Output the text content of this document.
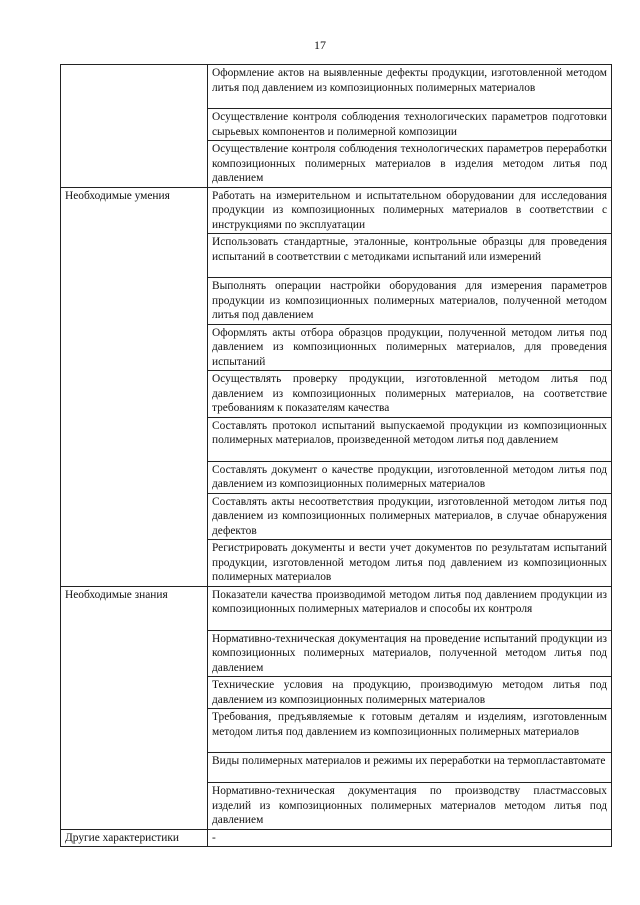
17
	Оформление актов на выявленные дефекты продукции, изготовленной методом литья под давлением из композиционных полимерных материалов
	Осуществление контроля соблюдения технологических параметров подготовки сырьевых компонентов и полимерной композиции
	Осуществление контроля соблюдения технологических параметров переработки композиционных полимерных материалов в изделия методом литья под давлением
Необходимые умения	Работать на измерительном и испытательном оборудовании для исследования продукции из композиционных полимерных материалов в соответствии с инструкциями по эксплуатации
	Использовать стандартные, эталонные, контрольные образцы для проведения испытаний в соответствии с методиками испытаний или измерений
	Выполнять операции настройки оборудования для измерения параметров продукции из композиционных полимерных материалов, полученной методом литья под давлением
	Оформлять акты отбора образцов продукции, полученной методом литья под давлением из композиционных полимерных материалов, для проведения испытаний
	Осуществлять проверку продукции, изготовленной методом литья под давлением из композиционных полимерных материалов, на соответствие требованиям к показателям качества
	Составлять протокол испытаний выпускаемой продукции из композиционных полимерных материалов, произведенной методом литья под давлением
	Составлять документ о качестве продукции, изготовленной методом литья под давлением из композиционных полимерных материалов
	Составлять акты несоответствия продукции, изготовленной методом литья под давлением из композиционных полимерных материалов, в случае обнаружения дефектов
	Регистрировать документы и вести учет документов по результатам испытаний продукции, изготовленной методом литья под давлением из композиционных полимерных материалов
Необходимые знания	Показатели качества производимой методом литья под давлением продукции из композиционных полимерных материалов и способы их контроля
	Нормативно-техническая документация на проведение испытаний продукции из композиционных полимерных материалов, полученной методом литья под давлением
	Технические условия на продукцию, производимую методом литья под давлением из композиционных полимерных материалов
	Требования, предъявляемые к готовым деталям и изделиям, изготовленным методом литья под давлением из композиционных полимерных материалов
	Виды полимерных материалов и режимы их переработки на термопластавтомате
	Нормативно-техническая документация по производству пластмассовых изделий из композиционных полимерных материалов методом литья под давлением
Другие характеристики	-
